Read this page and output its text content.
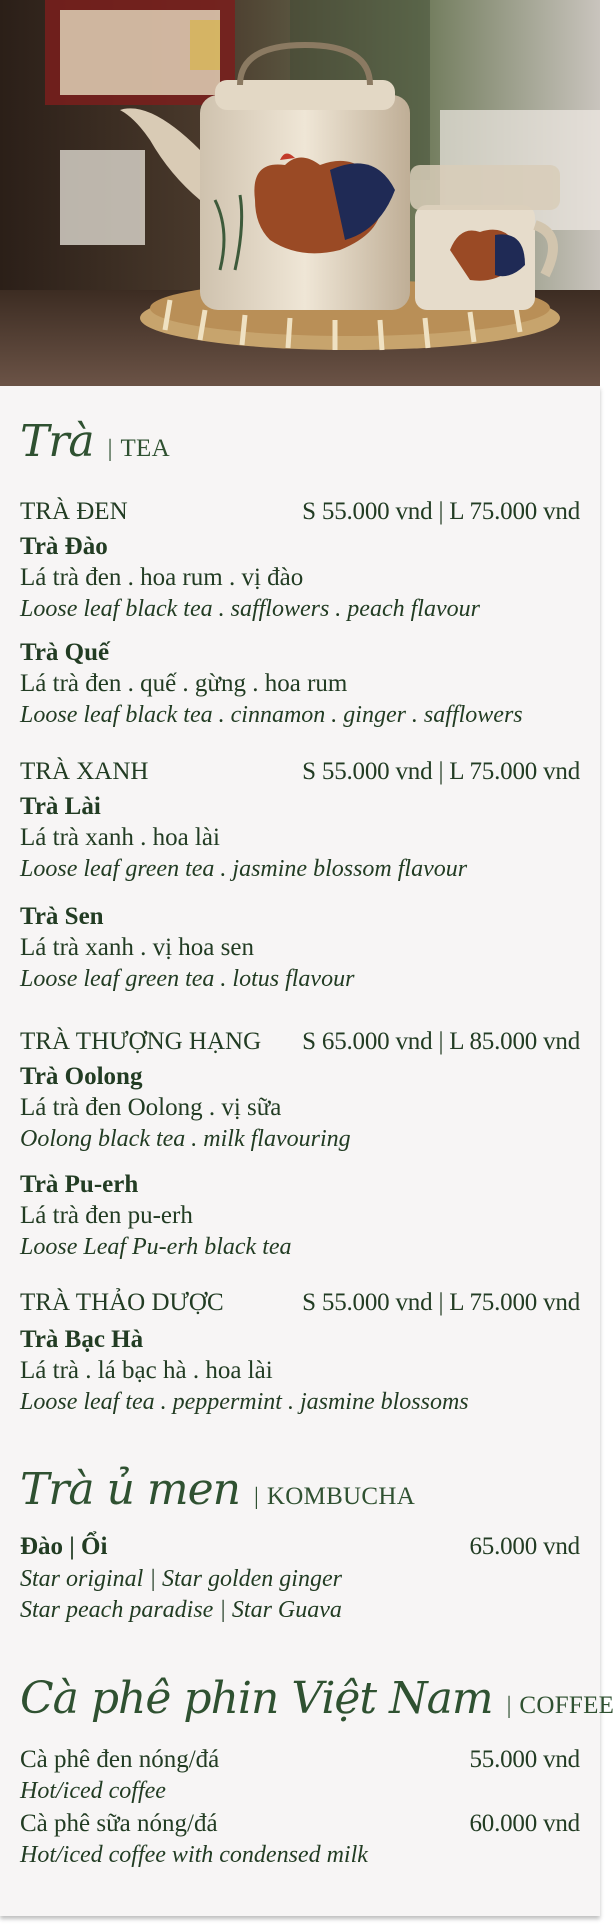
Trà | TEA
TRÀ ĐEN	S 55.000 vnd | L 75.000 vnd
Trà Đào
Lá trà đen . hoa rum . vị đào
Loose leaf black tea . safflowers . peach flavour
Trà Quế
Lá trà đen . quế . gừng . hoa rum
Loose leaf black tea . cinnamon . ginger . safflowers
TRÀ XANH	S 55.000 vnd | L 75.000 vnd
Trà Lài
Lá trà xanh . hoa lài
Loose leaf green tea . jasmine blossom flavour
Trà Sen
Lá trà xanh . vị hoa sen
Loose leaf green tea . lotus flavour
TRÀ THƯỢNG HẠNG S 65.000 vnd | L 85.000 vnd
Trà Oolong
Lá trà đen Oolong . vị sữa
Oolong black tea . milk flavouring
Trà Pu-erh
Lá trà đen pu-erh
Loose Leaf Pu-erh black tea
TRÀ THẢO DƯỢC	S 55.000 vnd | L 75.000 vnd
Trà Bạc Hà
Lá trà . lá bạc hà . hoa lài
Loose leaf tea . peppermint . jasmine blossoms
Trà ủ men | KOMBUCHA
Đào | Ổi	65.000 vnd
Star original | Star golden ginger
Star peach paradise | Star Guava
Cà phê phin Việt Nam | COFFEE
Cà phê đen nóng/đá	55.000 vnd
Hot/iced coffee
Cà phê sữa nóng/đá	60.000 vnd
Hot/iced coffee with condensed milk
